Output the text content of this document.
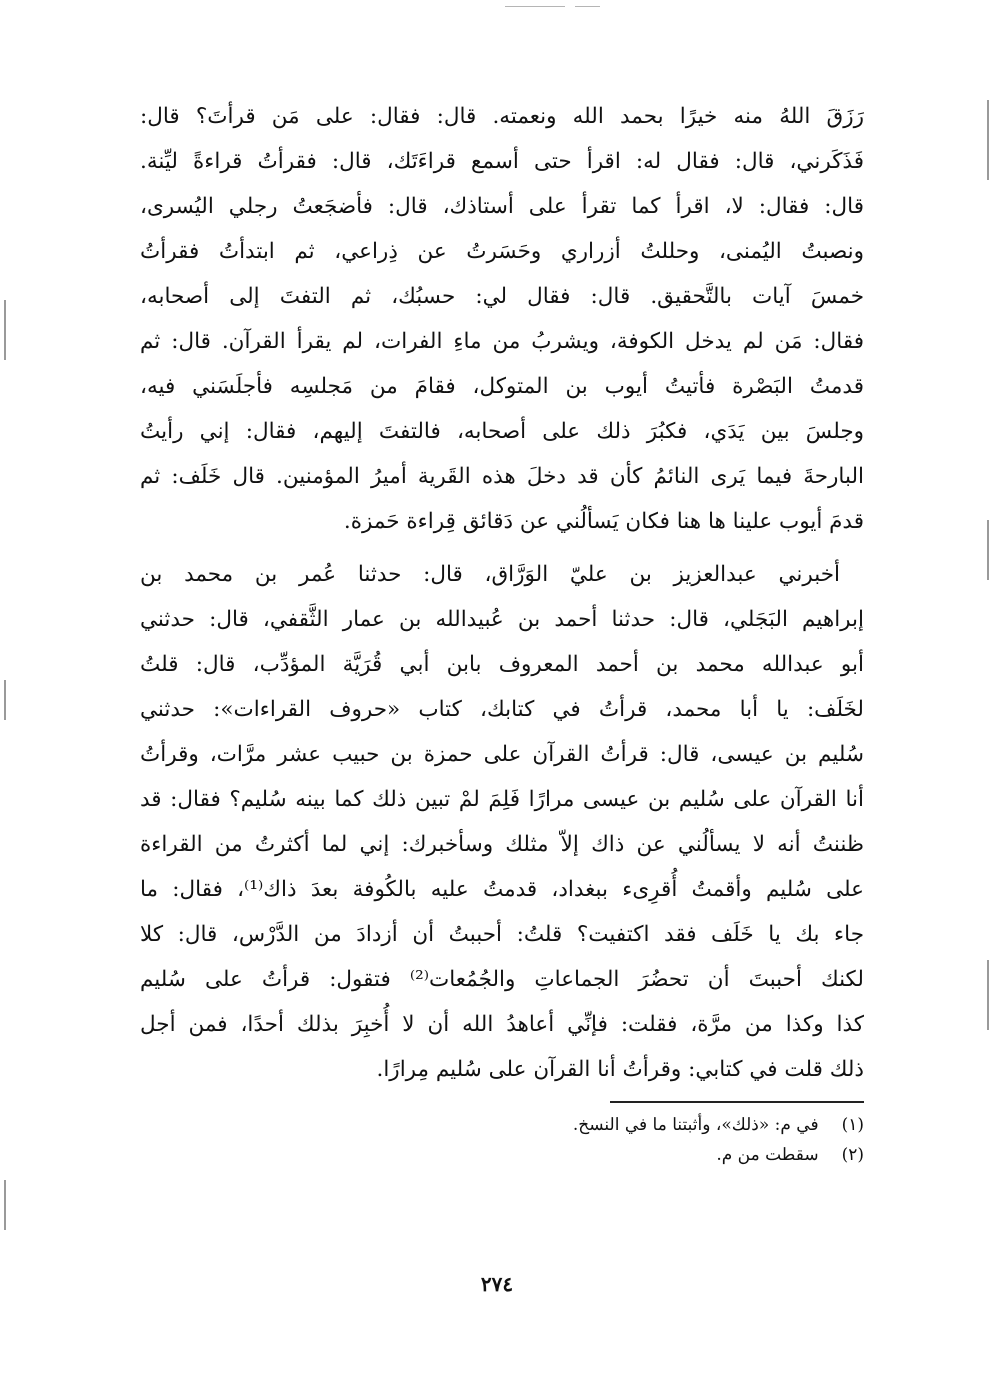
رَزَقَ اللهُ منه خيرًا بحمد الله ونعمته. قال: فقال: على مَن قرأتَ؟ قال:
فَذَكَرني، قال: فقال له: اقرأ حتى أسمع قراءَتَك، قال: فقرأتُ قراءةً ليِّنة.
قال: فقال: لا، اقرأ كما تقرأ على أستاذك، قال: فأضجَعتُ رجلي اليُسرى،
ونصبتُ اليُمنى، وحللتُ أزراري وحَسَرتُ عن ذِراعي، ثم ابتدأتُ فقرأتُ
خمسَ آيات بالتَّحقيق. قال: فقال لي: حسبُك، ثم التفتَ إلى أصحابه،
فقال: مَن لم يدخل الكوفة، ويشربُ من ماءِ الفرات، لم يقرأ القرآن. قال: ثم
قدمتُ البَصْرة فأتيتُ أيوب بن المتوكل، فقامَ من مَجلسِه فأجلَسَني فيه،
وجلسَ بين يَدَي، فكبُرَ ذلك على أصحابه، فالتفتَ إليهم، فقال: إني رأيتُ
البارحةَ فيما يَرى النائمُ كأن قد دخلَ هذه القَرية أميرُ المؤمنين. قال خَلَف: ثم
قدمَ أيوب علينا ها هنا فكان يَسألُني عن دَقائق قِراءة حَمزة.
أخبرني عبدالعزيز بن عليّ الوَرَّاق، قال: حدثنا عُمر بن محمد بن
إبراهيم البَجَلي، قال: حدثنا أحمد بن عُبيدالله بن عمار الثَّقفي، قال: حدثني
أبو عبدالله محمد بن أحمد المعروف بابن أبي قُرَيَّة المؤدِّب، قال: قلتُ
لخَلَف: يا أبا محمد، قرأتُ في كتابك، كتاب «حروف القراءات»: حدثني
سُليم بن عيسى، قال: قرأتُ القرآن على حمزة بن حبيب عشر مرَّات، وقرأتُ
أنا القرآن على سُليم بن عيسى مرارًا فَلِمَ لمْ تبين ذلك كما بينه سُليم؟ فقال: قد
ظننتُ أنه لا يسألُني عن ذاك إلاّ مثلك وسأخبرك: إني لما أكثرتُ من القراءة
على سُليم وأقمتُ أُقرِىء ببغداد، قدمتُ عليه بالكُوفة بعدَ ذاك⁽¹⁾، فقال: ما
جاء بك يا خَلَف فقد اكتفيت؟ قلتُ: أحببتُ أن أزدادَ من الدَّرْس، قال: كلا
لكنك أحببتَ أن تحضُرَ الجماعاتِ والجُمُعات⁽²⁾ فتقول: قرأتُ على سُليم
كذا وكذا من مرَّة، فقلت: فإنِّي أعاهدُ الله أن لا أُخبِرَ بذلك أحدًا، فمن أجل
ذلك قلت في كتابي: وقرأتُ أنا القرآن على سُليم مِرارًا.
(١) في م: «ذلك»، وأثبتنا ما في النسخ.
(٢) سقطت من م.
٢٧٤
